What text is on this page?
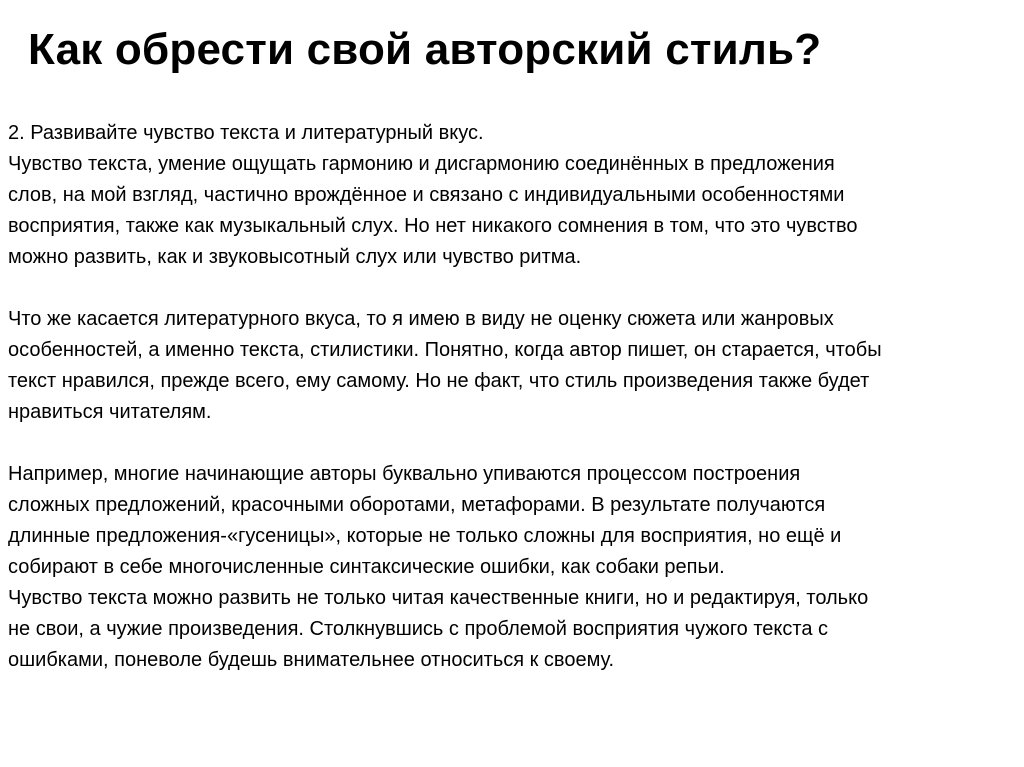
Как обрести свой авторский стиль?
2. Развивайте чувство текста и литературный вкус.
Чувство текста, умение ощущать гармонию и дисгармонию соединённых в предложения
слов, на мой взгляд, частично врождённое и связано с индивидуальными особенностями
восприятия, также как музыкальный слух. Но нет никакого сомнения в том, что это чувство
можно развить, как и звуковысотный слух или чувство ритма.
Что же касается литературного вкуса, то я имею в виду не оценку сюжета или жанровых
особенностей, а именно текста, стилистики. Понятно, когда автор пишет, он старается, чтобы
текст нравился, прежде всего, ему самому. Но не факт, что стиль произведения также будет
нравиться читателям.
Например, многие начинающие авторы буквально упиваются процессом построения
сложных предложений, красочными оборотами, метафорами. В результате получаются
длинные предложения-«гусеницы», которые не только сложны для восприятия, но ещё и
собирают в себе многочисленные синтаксические ошибки, как собаки репьи.
Чувство текста можно развить не только читая качественные книги, но и редактируя, только
не свои, а чужие произведения. Столкнувшись с проблемой восприятия чужого текста с
ошибками, поневоле будешь внимательнее относиться к своему.
